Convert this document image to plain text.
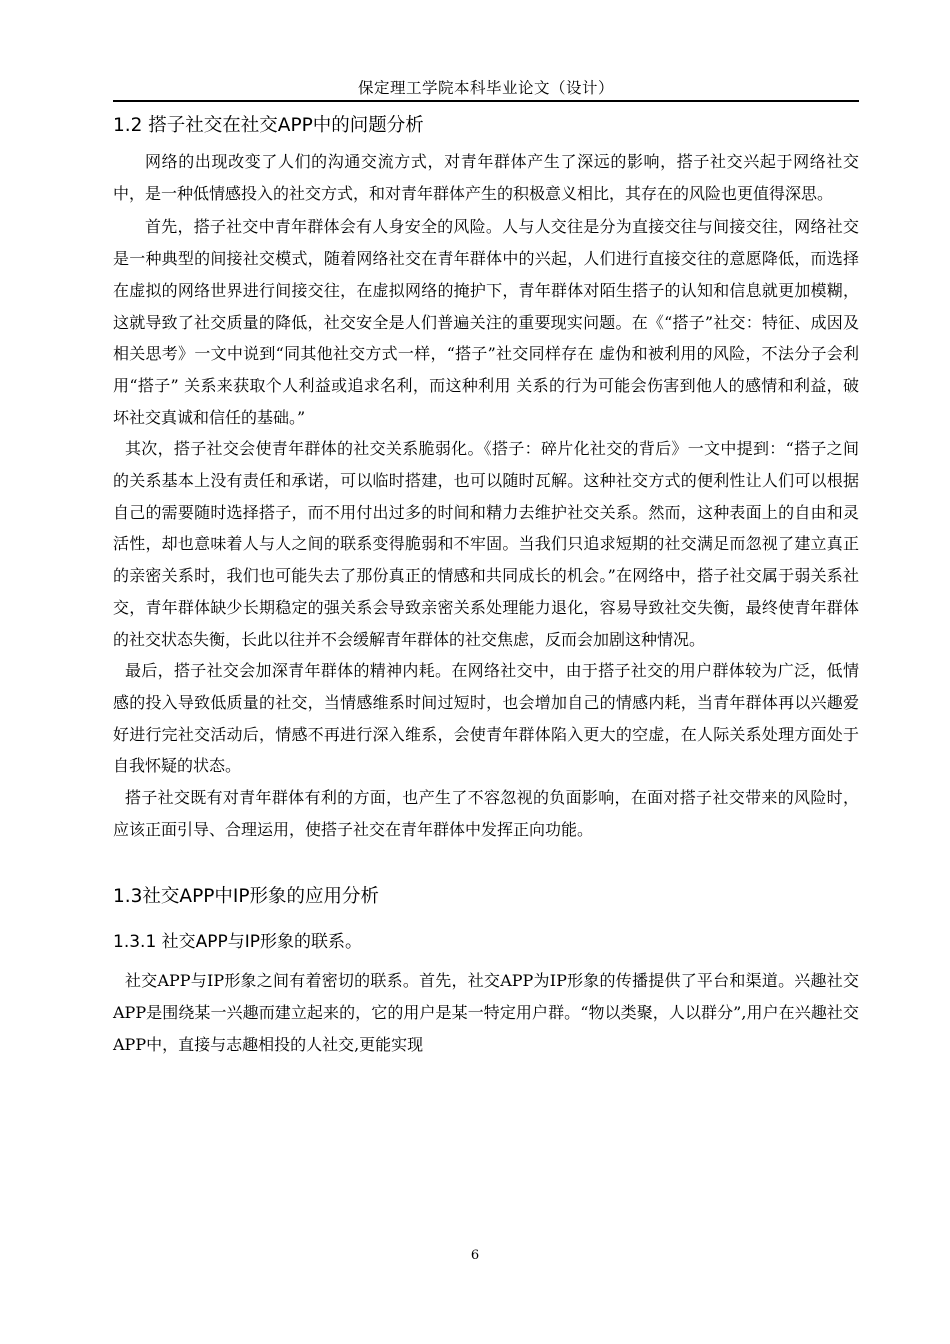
保定理工学院本科毕业论文（设计）
1.2 搭子社交在社交APP中的问题分析

网络的出现改变了人们的沟通交流方式，对青年群体产生了深远的影响，搭子社交兴起于网络社交中，是一种低情感投入的社交方式，和对青年群体产生的积极意义相比，其存在的风险也更值得深思。

首先，搭子社交中青年群体会有人身安全的风险。人与人交往是分为直接交往与间接交往，网络社交是一种典型的间接社交模式，随着网络社交在青年群体中的兴起，人们进行直接交往的意愿降低，而选择在虚拟的网络世界进行间接交往，在虚拟网络的掩护下，青年群体对陌生搭子的认知和信息就更加模糊，这就导致了社交质量的降低，社交安全是人们普遍关注的重要现实问题。在《“搭子”社交：特征、成因及相关思考》一文中说到“同其他社交方式一样，“搭子”社交同样存在 虚伪和被利用的风险，不法分子会利用“搭子” 关系来获取个人利益或追求名利，而这种利用 关系的行为可能会伤害到他人的感情和利益，破坏社交真诚和信任的基础。”

其次，搭子社交会使青年群体的社交关系脆弱化。《搭子：碎片化社交的背后》一文中提到：“搭子之间的关系基本上没有责任和承诺，可以临时搭建，也可以随时瓦解。这种社交方式的便利性让人们可以根据自己的需要随时选择搭子，而不用付出过多的时间和精力去维护社交关系。然而，这种表面上的自由和灵活性，却也意味着人与人之间的联系变得脆弱和不牢固。当我们只追求短期的社交满足而忽视了建立真正的亲密关系时，我们也可能失去了那份真正的情感和共同成长的机会。”在网络中，搭子社交属于弱关系社交，青年群体缺少长期稳定的强关系会导致亲密关系处理能力退化，容易导致社交失衡，最终使青年群体的社交状态失衡，长此以往并不会缓解青年群体的社交焦虑，反而会加剧这种情况。

最后，搭子社交会加深青年群体的精神内耗。在网络社交中，由于搭子社交的用户群体较为广泛，低情感的投入导致低质量的社交，当情感维系时间过短时，也会增加自己的情感内耗，当青年群体再以兴趣爱好进行完社交活动后，情感不再进行深入维系，会使青年群体陷入更大的空虚，在人际关系处理方面处于自我怀疑的状态。

搭子社交既有对青年群体有利的方面，也产生了不容忽视的负面影响，在面对搭子社交带来的风险时，应该正面引导、合理运用，使搭子社交在青年群体中发挥正向功能。

1.3社交APP中IP形象的应用分析
1.3.1 社交APP与IP形象的联系。

社交APP与IP形象之间有着密切的联系。首先，社交APP为IP形象的传播提供了平台和渠道。兴趣社交APP是围绕某一兴趣而建立起来的，它的用户是某一特定用户群。“物以类聚，人以群分”,用户在兴趣社交APP中，直接与志趣相投的人社交,更能实现

6
